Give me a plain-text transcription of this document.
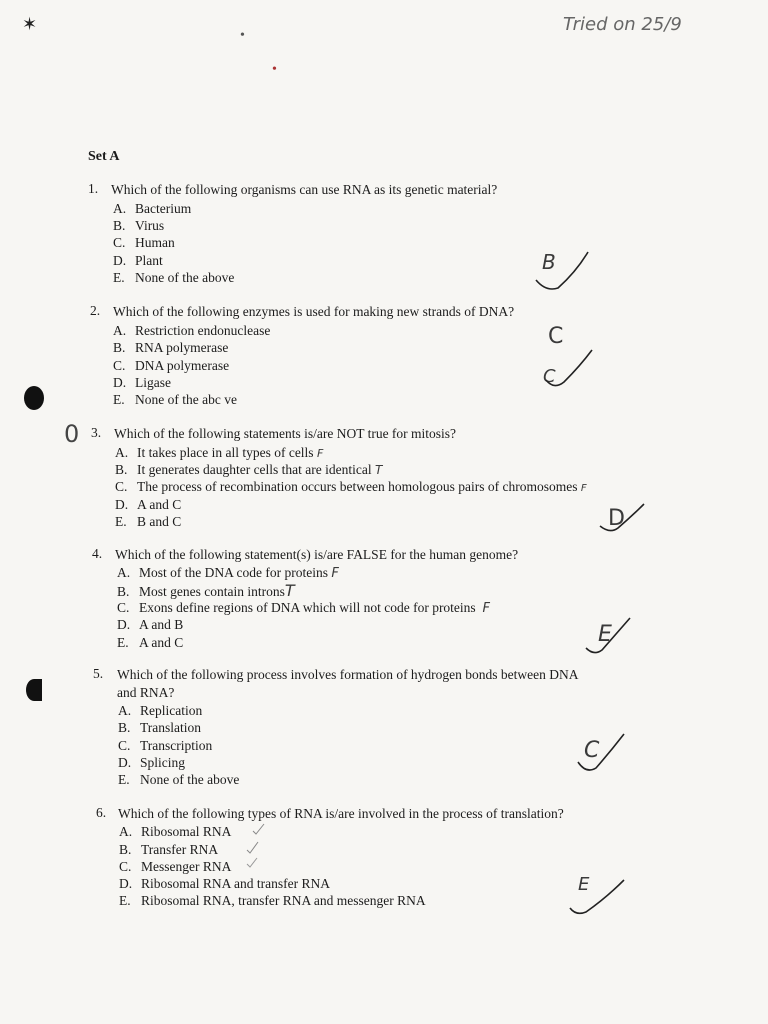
✶
•
•
Tried on 25/9
Set A
0
1. Which of the following organisms can use RNA as its genetic material?
A. Bacterium
B. Virus
C. Human
D. Plant
E. None of the above
B
2. Which of the following enzymes is used for making new strands of DNA?
A. Restriction endonuclease
B. RNA polymerase
C. DNA polymerase
D. Ligase
E. None of the abc ve
C
C
3. Which of the following statements is/are NOT true for mitosis?
A. It takes place in all types of cells F
B. It generates daughter cells that are identical T
C. The process of recombination occurs between homologous pairs of chromosomes F
D. A and C
E. B and C	D
4. Which of the following statement(s) is/are FALSE for the human genome?
A. Most of the DNA code for proteins F
B. Most genes contain intronsT
C. Exons define regions of DNA which will not code for proteins F
D. A and B
E. A and C	E
5. Which of the following process involves formation of hydrogen bonds between DNA
and RNA?
A. Replication
B. Translation
C. Transcription
D. Splicing
E. None of the above
C
6. Which of the following types of RNA is/are involved in the process of translation?
A. Ribosomal RNA
B. Transfer RNA
C. Messenger RNA
D. Ribosomal RNA and transfer RNA
E. Ribosomal RNA, transfer RNA and messenger RNA
E
